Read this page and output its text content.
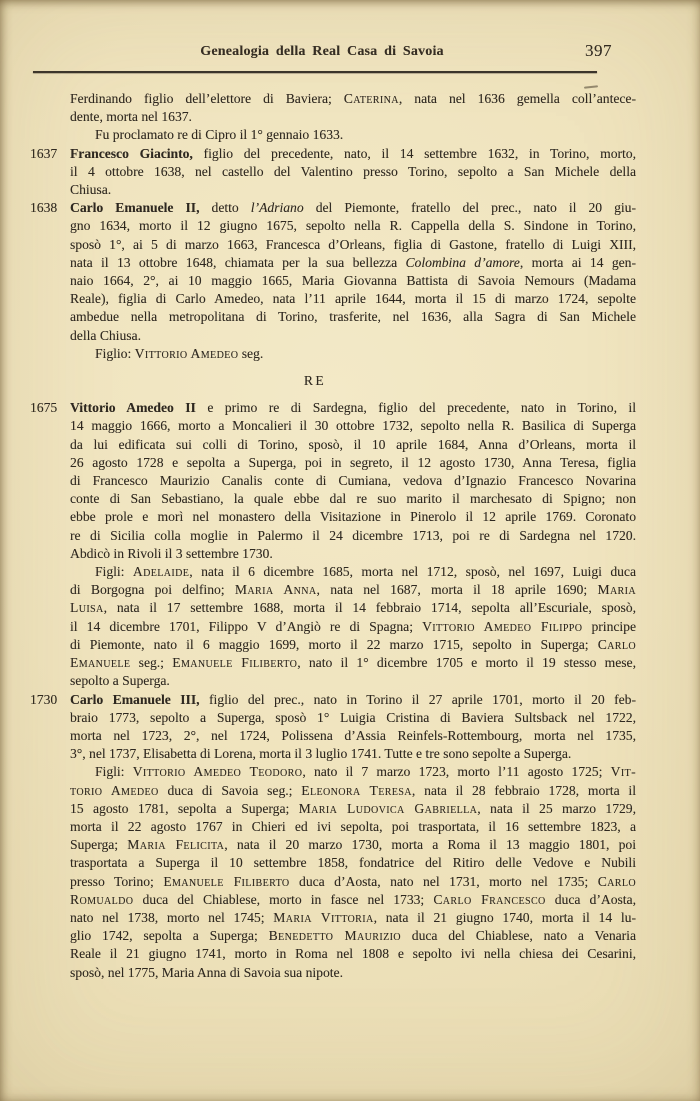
Genealogia della Real Casa di Savoia	397
Ferdinando figlio dell’elettore di Baviera; Caterina, nata nel 1636 gemella coll’antece-
dente, morta nel 1637.
Fu proclamato re di Cipro il 1° gennaio 1633.
1637 Francesco Giacinto, figlio del precedente, nato, il 14 settembre 1632, in Torino, morto,
il 4 ottobre 1638, nel castello del Valentino presso Torino, sepolto a San Michele della
Chiusa.
1638 Carlo Emanuele II, detto l’Adriano del Piemonte, fratello del prec., nato il 20 giu-
gno 1634, morto il 12 giugno 1675, sepolto nella R. Cappella della S. Sindone in Torino,
sposò 1°, ai 5 di marzo 1663, Francesca d’Orleans, figlia di Gastone, fratello di Luigi XIII,
nata il 13 ottobre 1648, chiamata per la sua bellezza Colombina d’amore, morta ai 14 gen-
naio 1664, 2°, ai 10 maggio 1665, Maria Giovanna Battista di Savoia Nemours (Madama
Reale), figlia di Carlo Amedeo, nata l’11 aprile 1644, morta il 15 di marzo 1724, sepolte
ambedue nella metropolitana di Torino, trasferite, nel 1636, alla Sagra di San Michele
della Chiusa.
Figlio: Vittorio Amedeo seg.
RE
1675 Vittorio Amedeo II e primo re di Sardegna, figlio del precedente, nato in Torino, il
14 maggio 1666, morto a Moncalieri il 30 ottobre 1732, sepolto nella R. Basilica di Superga
da lui edificata sui colli di Torino, sposò, il 10 aprile 1684, Anna d’Orleans, morta il
26 agosto 1728 e sepolta a Superga, poi in segreto, il 12 agosto 1730, Anna Teresa, figlia
di Francesco Maurizio Canalis conte di Cumiana, vedova d’Ignazio Francesco Novarina
conte di San Sebastiano, la quale ebbe dal re suo marito il marchesato di Spigno; non
ebbe prole e morì nel monastero della Visitazione in Pinerolo il 12 aprile 1769. Coronato
re di Sicilia colla moglie in Palermo il 24 dicembre 1713, poi re di Sardegna nel 1720.
Abdicò in Rivoli il 3 settembre 1730.
Figli: Adelaide, nata il 6 dicembre 1685, morta nel 1712, sposò, nel 1697, Luigi duca
di Borgogna poi delfino; Maria Anna, nata nel 1687, morta il 18 aprile 1690; Maria
Luisa, nata il 17 settembre 1688, morta il 14 febbraio 1714, sepolta all’Escuriale, sposò,
il 14 dicembre 1701, Filippo V d’Angiò re di Spagna; Vittorio Amedeo Filippo principe
di Piemonte, nato il 6 maggio 1699, morto il 22 marzo 1715, sepolto in Superga; Carlo
Emanuele seg.; Emanuele Filiberto, nato il 1° dicembre 1705 e morto il 19 stesso mese,
sepolto a Superga.
1730 Carlo Emanuele III, figlio del prec., nato in Torino il 27 aprile 1701, morto il 20 feb-
braio 1773, sepolto a Superga, sposò 1° Luigia Cristina di Baviera Sultsback nel 1722,
morta nel 1723, 2°, nel 1724, Polissena d’Assia Reinfels-Rottembourg, morta nel 1735,
3°, nel 1737, Elisabetta di Lorena, morta il 3 luglio 1741. Tutte e tre sono sepolte a Superga.
Figli: Vittorio Amedeo Teodoro, nato il 7 marzo 1723, morto l’11 agosto 1725; Vit-
torio Amedeo duca di Savoia seg.; Eleonora Teresa, nata il 28 febbraio 1728, morta il
15 agosto 1781, sepolta a Superga; Maria Ludovica Gabriella, nata il 25 marzo 1729,
morta il 22 agosto 1767 in Chieri ed ivi sepolta, poi trasportata, il 16 settembre 1823, a
Superga; Maria Felicita, nata il 20 marzo 1730, morta a Roma il 13 maggio 1801, poi
trasportata a Superga il 10 settembre 1858, fondatrice del Ritiro delle Vedove e Nubili
presso Torino; Emanuele Filiberto duca d’Aosta, nato nel 1731, morto nel 1735; Carlo
Romualdo duca del Chiablese, morto in fasce nel 1733; Carlo Francesco duca d’Aosta,
nato nel 1738, morto nel 1745; Maria Vittoria, nata il 21 giugno 1740, morta il 14 lu-
glio 1742, sepolta a Superga; Benedetto Maurizio duca del Chiablese, nato a Venaria
Reale il 21 giugno 1741, morto in Roma nel 1808 e sepolto ivi nella chiesa dei Cesarini,
sposò, nel 1775, Maria Anna di Savoia sua nipote.
